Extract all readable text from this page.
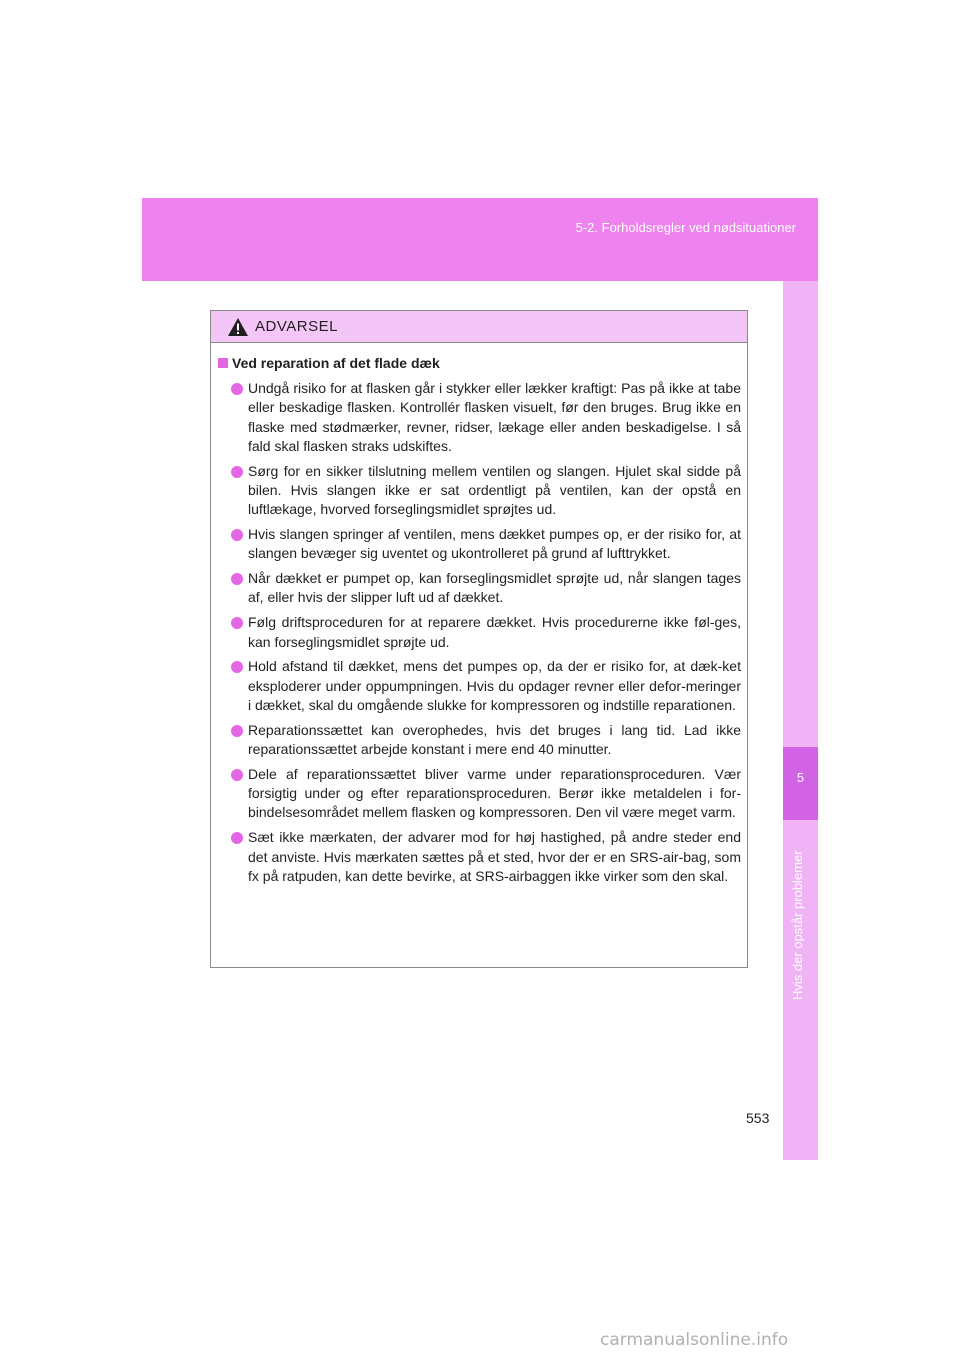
5-2. Forholdsregler ved nødsituationer
5
Hvis der opstår problemer
ADVARSEL
Ved reparation af det flade dæk
Undgå risiko for at flasken går i stykker eller lækker kraftigt: Pas på ikke at tabe eller beskadige flasken. Kontrollér flasken visuelt, før den bruges. Brug ikke en flaske med stødmærker, revner, ridser, lækage eller anden beskadigelse. I så fald skal flasken straks udskiftes.
Sørg for en sikker tilslutning mellem ventilen og slangen. Hjulet skal sidde på bilen. Hvis slangen ikke er sat ordentligt på ventilen, kan der opstå en luftlækage, hvorved forseglingsmidlet sprøjtes ud.
Hvis slangen springer af ventilen, mens dækket pumpes op, er der risiko for, at slangen bevæger sig uventet og ukontrolleret på grund af lufttrykket.
Når dækket er pumpet op, kan forseglingsmidlet sprøjte ud, når slangen tages af, eller hvis der slipper luft ud af dækket.
Følg driftsproceduren for at reparere dækket. Hvis procedurerne ikke føl-ges, kan forseglingsmidlet sprøjte ud.
Hold afstand til dækket, mens det pumpes op, da der er risiko for, at dæk-ket eksploderer under oppumpningen. Hvis du opdager revner eller defor-meringer i dækket, skal du omgående slukke for kompressoren og indstille reparationen.
Reparationssættet kan overophedes, hvis det bruges i lang tid. Lad ikke reparationssættet arbejde konstant i mere end 40 minutter.
Dele af reparationssættet bliver varme under reparationsproceduren. Vær forsigtig under og efter reparationsproceduren. Berør ikke metaldelen i for-bindelsesområdet mellem flasken og kompressoren. Den vil være meget varm.
Sæt ikke mærkaten, der advarer mod for høj hastighed, på andre steder end det anviste. Hvis mærkaten sættes på et sted, hvor der er en SRS-air-bag, som fx på ratpuden, kan dette bevirke, at SRS-airbaggen ikke virker som den skal.
553
carmanualsonline.info
